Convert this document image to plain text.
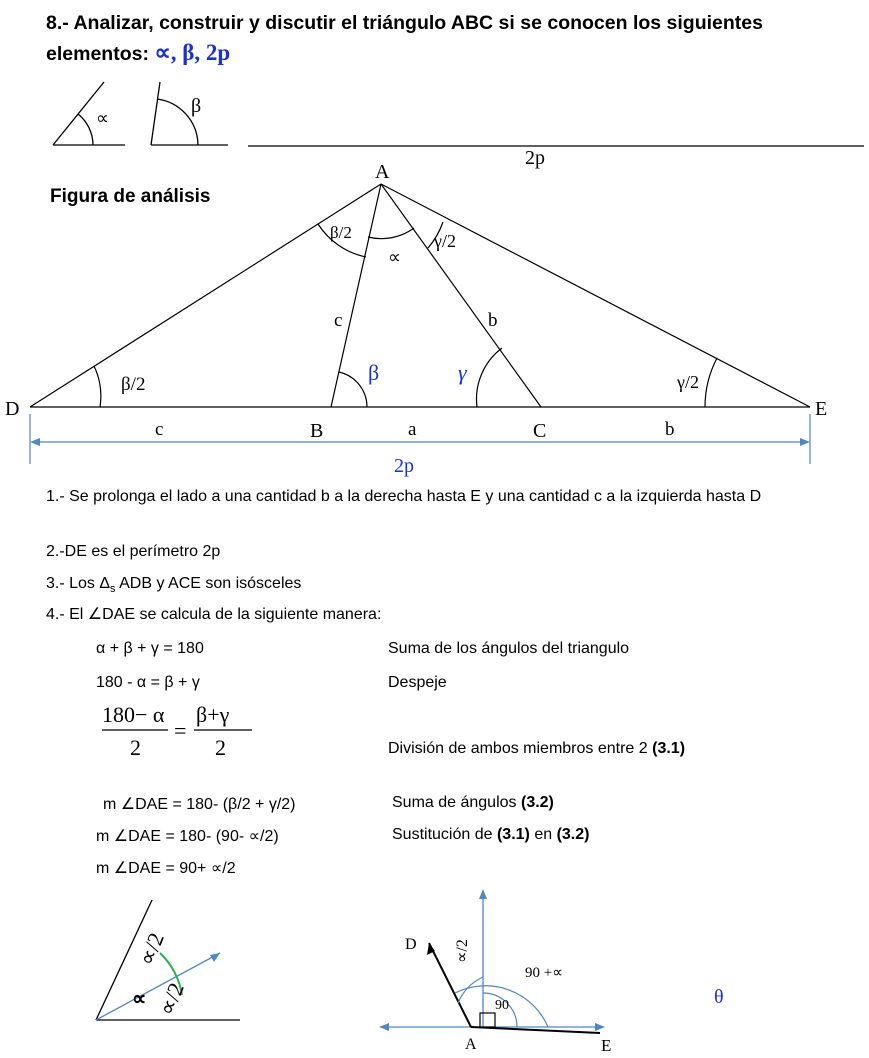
8.- Analizar, construir y discutir el triángulo ABC si se conocen los siguientes elementos: ∝, β, 2p
∝
β
2p
Figura de análisis
A
D	E
B	C
c	a	b
c	b
β/2
β/2	γ/2
γ/2
∝
β	γ
2p
1.- Se prolonga el lado a una cantidad b a la derecha hasta E y una cantidad c a la izquierda hasta D
2.-DE es el perímetro 2p
3.- Los $\Delta_s$ ADB y ACE son isósceles
4.- El ∠DAE se calcula de la siguiente manera:
α + β + γ = 180	Suma de los ángulos del triangulo
180 - α = β + γ	Despeje
180− α
2
=
β+γ
2	División de ambos miembros entre 2 (3.1)
m ∠DAE = 180- (β/2 + γ/2)	Suma de ángulos (3.2)
m ∠DAE = 180- (90- ∝/2)	Sustitución de (3.1) en (3.2)
m ∠DAE = 90+ ∝/2
∝
∝/2
∝/2
D
A	E
∝/2
90 +∝
90	θ
